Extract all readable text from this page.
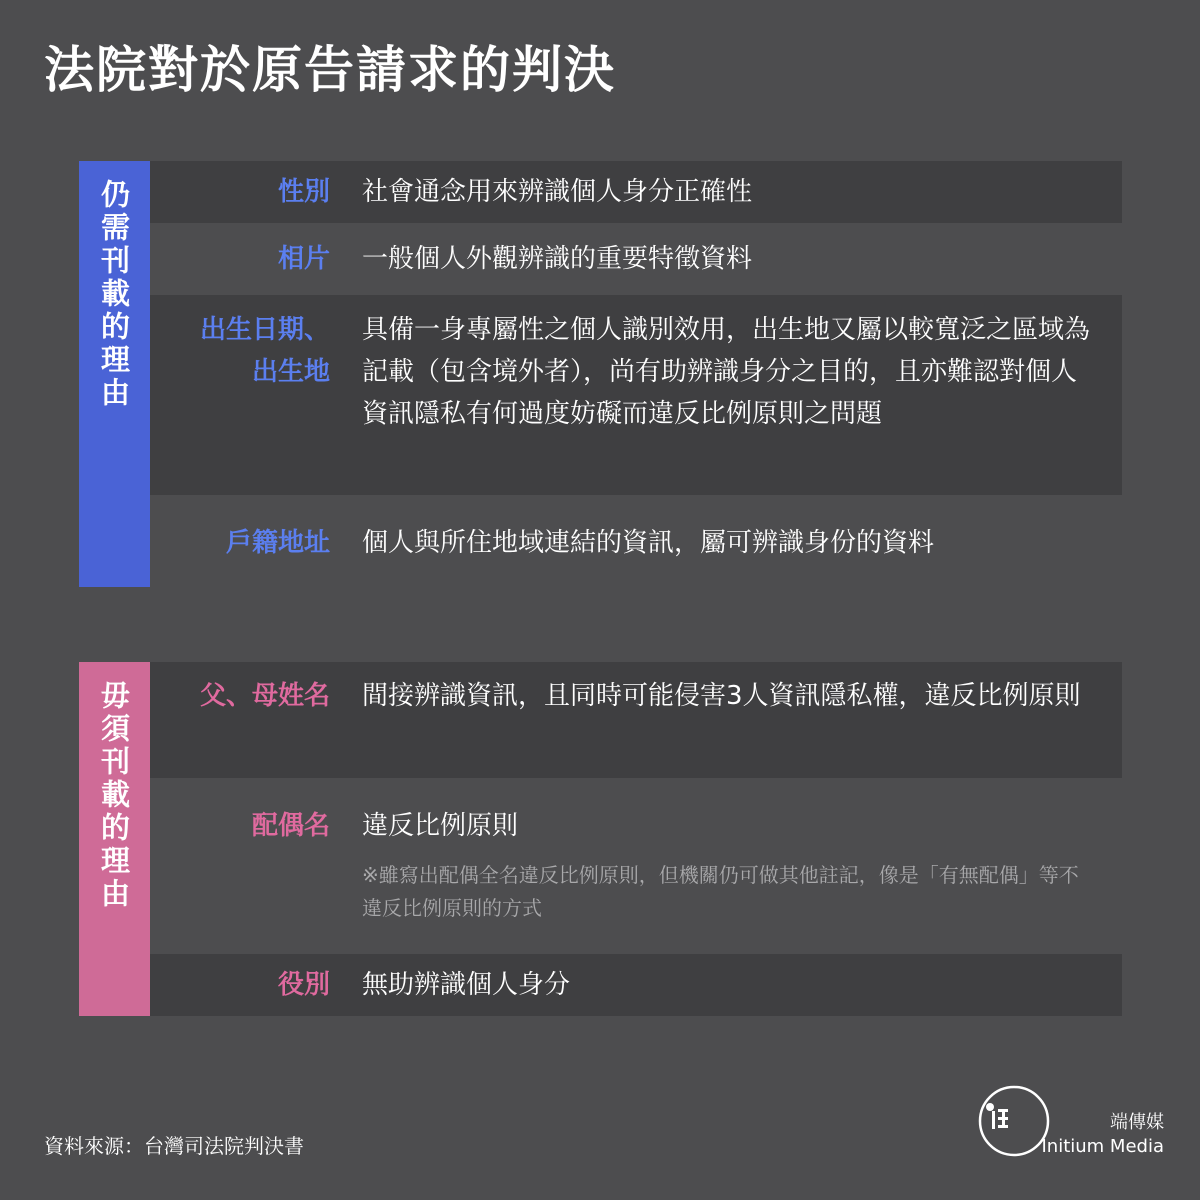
法院對於原告請求的判決
仍需刊載的理由	性別 社會通念用來辨識個人身分正確性
相片 一般個人外觀辨識的重要特徵資料
出生日期、
出生地
具備一身專屬性之個人識別效用，出生地又屬以較寬泛之區域為記載（包含境外者），尚有助辨識身分之目的，且亦難認對個人資訊隱私有何過度妨礙而違反比例原則之問題
戶籍地址 個人與所住地域連結的資訊，屬可辨識身份的資料
毋須刊載的理由	父、母姓名 間接辨識資訊，且同時可能侵害3人資訊隱私權，違反比例原則
配偶名 違反比例原則
※雖寫出配偶全名違反比例原則，但機關仍可做其他註記，像是「有無配偶」等不違反比例原則的方式
役別 無助辨識個人身分
資料來源：台灣司法院判決書
端傳媒
Initium Media
